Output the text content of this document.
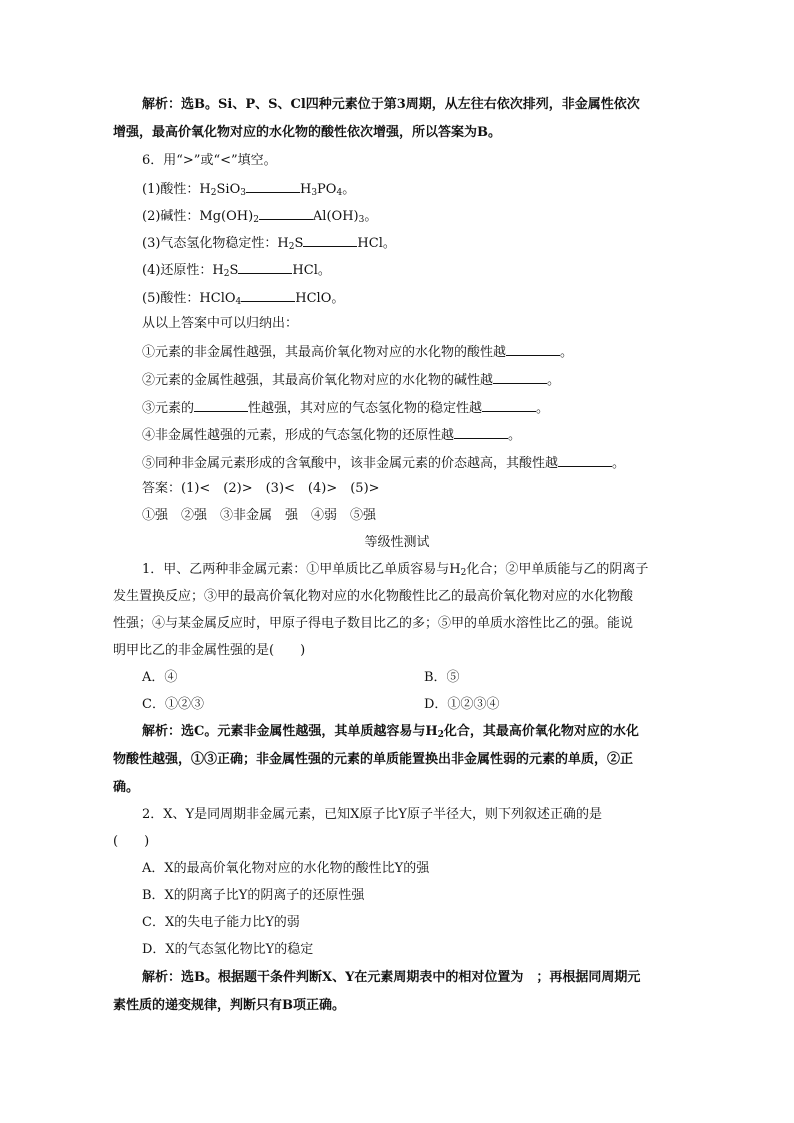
解析：选B。Si、P、S、Cl四种元素位于第3周期，从左往右依次排列，非金属性依次
增强，最高价氧化物对应的水化物的酸性依次增强，所以答案为B。
6．用“>”或“<”填空。
(1)酸性：$H_2SiO_3$	$H_3PO_4$。
(2)碱性：$Mg(OH)_2$	$Al(OH)_3$。
(3)气态氢化物稳定性：$H_2S$	HCl。
(4)还原性：$H_2S$	HCl。
(5)酸性：HClO$_4$	HClO。
从以上答案中可以归纳出：
①元素的非金属性越强，其最高价氧化物对应的水化物的酸性越	。
②元素的金属性越强，其最高价氧化物对应的水化物的碱性越	。
③元素的	性越强，其对应的气态氢化物的稳定性越	。
④非金属性越强的元素，形成的气态氢化物的还原性越	。
⑤同种非金属元素形成的含氧酸中，该非金属元素的价态越高，其酸性越	。
答案：(1)<　(2)>　(3)<　(4)>　(5)>
①强　②强　③非金属　强　④弱　⑤强
等级性测试
1．甲、乙两种非金属元素：①甲单质比乙单质容易与$H_2$化合；②甲单质能与乙的阴离子
发生置换反应；③甲的最高价氧化物对应的水化物酸性比乙的最高价氧化物对应的水化物酸
性强；④与某金属反应时，甲原子得电子数目比乙的多；⑤甲的单质水溶性比乙的强。能说
明甲比乙的非金属性强的是(　　)
A．④	B．⑤
C．①②③	D．①②③④
解析：选C。元素非金属性越强，其单质越容易与$H_2$化合，其最高价氧化物对应的水化
物酸性越强，①③正确；非金属性强的元素的单质能置换出非金属性弱的元素的单质，②正
确。
2．X、Y是同周期非金属元素，已知X原子比Y原子半径大，则下列叙述正确的是
(　　)
A．X的最高价氧化物对应的水化物的酸性比Y的强
B．X的阴离子比Y的阴离子的还原性强
C．X的失电子能力比Y的弱
D．X的气态氢化物比Y的稳定
解析：选B。根据题干条件判断X、Y在元素周期表中的相对位置为　；再根据同周期元
素性质的递变规律，判断只有B项正确。
